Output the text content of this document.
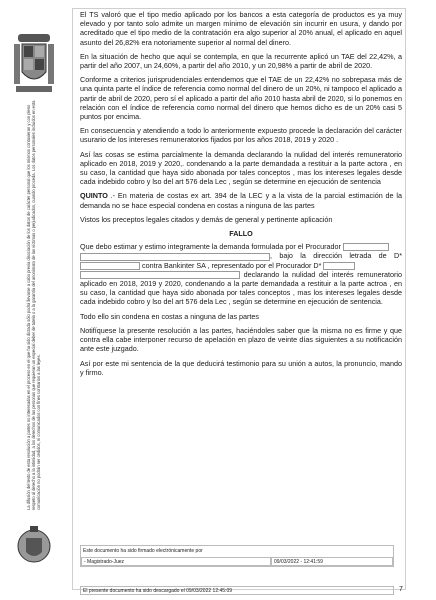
La difusión del texto de esta resolución a partes no interesadas en el proceso en el que ha sido dictada sólo podrá llevarse a cabo previa disociación de los datos de carácter personal que los mismos contuvieran y con pleno respeto al derecho a la intimidad, a los derechos de las personas que requieran un especial deber de tutela o a la garantía del anonimato de las víctimas o perjudicados, cuando proceda. Los datos personales incluidos en esta comunicación no podrán ser cedidos, ni comunicados con fines contrarios a las leyes.

El TS valoró que el tipo medio aplicado por los bancos a esta categoría de productos es ya muy elevado y por tanto solo admite un margen mínimo de elevación sin incurrir en usura, y dando por acreditado que el tipo medio de la contratación era algo superior al 20% anual, el aplicado en aquel asunto del 26,82% era notoriamente superior al normal del dinero.

En la situación de hecho que aquí se contempla, en que la recurrente aplicó un TAE del 22,42%, a partir del año 2007, un 24,60%, a partir del año 2010, y un 20,98% a partir de abril de 2020.

Conforme a criterios jurisprudenciales entendemos que el TAE de un 22,42% no sobrepasa más de una quinta parte el índice de referencia como normal del dinero de un 20%, ni tampoco el aplicado a partir de abril de 2020, pero sí el aplicado a partir del año 2010 hasta abril de 2020, si lo ponemos en relación con el índice de referencia como normal del dinero que hemos dicho es de un 20% casi 5 puntos por encima.

En consecuencia y atendiendo a todo lo anteriormente expuesto procede la declaración del carácter usurario de los intereses remuneratorios fijados por los años 2018, 2019 y 2020 .

Así las cosas se estima parcialmente la demanda declarando la nulidad del interés remuneratorio aplicado en 2018, 2019 y 2020,. condenando a la parte demandada a restituir a la parte actora , en su caso, la cantidad que haya sido abonada por tales conceptos , mas los intereses legales desde cada indebido cobro y lso del art 576 dela Lec , según se determine en ejecución de sentencia

QUINTO .- En materia de costas ex art. 394 de la LEC y a la vista de la parcial estimación de la demanda no se hace especial condena en costas a ninguna de las partes

Vistos los preceptos legales citados y demás de general y pertinente aplicación

FALLO

Que debo estimar y estimo integramente la demanda formulada por el Procurador
, bajo la dirección letrada de D*  contra Bankinter SA , representado por el Procurador D*
declarando la nulidad del interés remuneratorio aplicado en 2018, 2019 y 2020, condenando a la parte demandada a restituir a la parte actroa , en su caso, la cantidad que haya sido abonada por tales conceptos , mas los intereses legales desde cada indebido cobro y lso del art 576 dela Lec , según se determine en ejecución de sentencia.

Todo ello sin condena en costas a ninguna de las partes

Notifíquese la presente resolución a las partes, haciéndoles saber que la misma no es firme y que contra ella cabe interponer recurso de apelación en plazo de veinte días siguientes a su notificación ante este juzgado.

Así por este mi sentencia de la que deducirá testimonio para su unión a autos, la pronuncio, mando y firmo.

Este documento ha sido firmado electrónicamente por
- Magistrado-Juez	09/03/2022 - 12:41:59
El presente documento ha sido descargado el 09/03/2022 12:45:09	7
